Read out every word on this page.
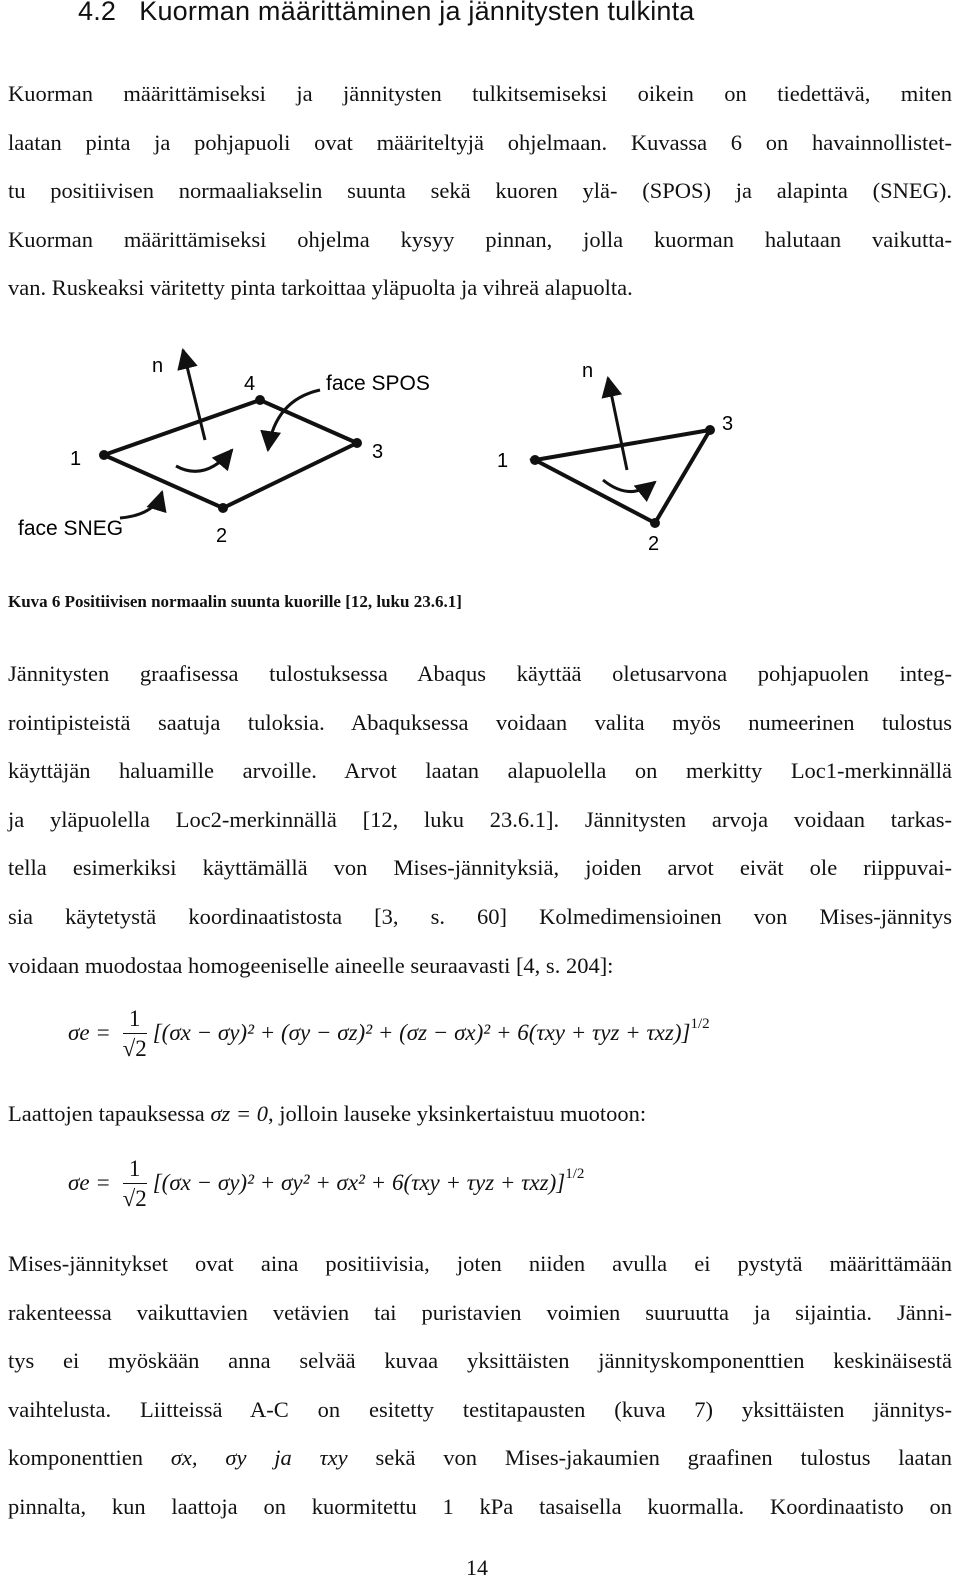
4.2 Kuorman määrittäminen ja jännitysten tulkinta
Kuorman määrittämiseksi ja jännitysten tulkitsemiseksi oikein on tiedettävä, miten
laatan pinta ja pohjapuoli ovat määriteltyjä ohjelmaan. Kuvassa 6 on havainnollistet-
tu positiivisen normaaliakselin suunta sekä kuoren ylä- (SPOS) ja alapinta (SNEG).
Kuorman määrittämiseksi ohjelma kysyy pinnan, jolla kuorman halutaan vaikutta-
van. Ruskeaksi väritetty pinta tarkoittaa yläpuolta ja vihreä alapuolta.
n
1
2
3
4	face SPOS
face SNEG
n
1
2
3
Kuva 6 Positiivisen normaalin suunta kuorille [12, luku 23.6.1]
Jännitysten graafisessa tulostuksessa Abaqus käyttää oletusarvona pohjapuolen integ-
rointipisteistä saatuja tuloksia. Abaquksessa voidaan valita myös numeerinen tulostus
käyttäjän haluamille arvoille. Arvot laatan alapuolella on merkitty Loc1-merkinnällä
ja yläpuolella Loc2-merkinnällä [12, luku 23.6.1]. Jännitysten arvoja voidaan tarkas-
tella esimerkiksi käyttämällä von Mises-jännityksiä, joiden arvot eivät ole riippuvai-
sia käytetystä koordinaatistosta [3, s. 60] Kolmedimensioinen von Mises-jännitys
voidaan muodostaa homogeeniselle aineelle seuraavasti [4, s. 204]:
$\sigma e = \frac{1}{√2} [(\sigma x - \sigma y)^2 + (\sigma y - \sigma z)^2 + (\sigma z - \sigma x)^2 + 6(\tau xy + \tau yz + \tau xz)]^{1/2}$
Laattojen tapauksessa σz = 0, jolloin lauseke yksinkertaistuu muotoon:
$\sigma e = \frac{1}{√2} [(\sigma x - \sigma y)^2 + \sigma y^2 + \sigma x^2 + 6(\tau xy + \tau yz + \tau xz)]^{1/2}$
Mises-jännitykset ovat aina positiivisia, joten niiden avulla ei pystytä määrittämään
rakenteessa vaikuttavien vetävien tai puristavien voimien suuruutta ja sijaintia. Jänni-
tys ei myöskään anna selvää kuvaa yksittäisten jännityskomponenttien keskinäisestä
vaihtelusta. Liitteissä A-C on esitetty testitapausten (kuva 7) yksittäisten jännitys-
komponenttien σx, σy ja τxy sekä von Mises-jakaumien graafinen tulostus laatan
pinnalta, kun laattoja on kuormitettu 1 kPa tasaisella kuormalla. Koordinaatisto on
14
